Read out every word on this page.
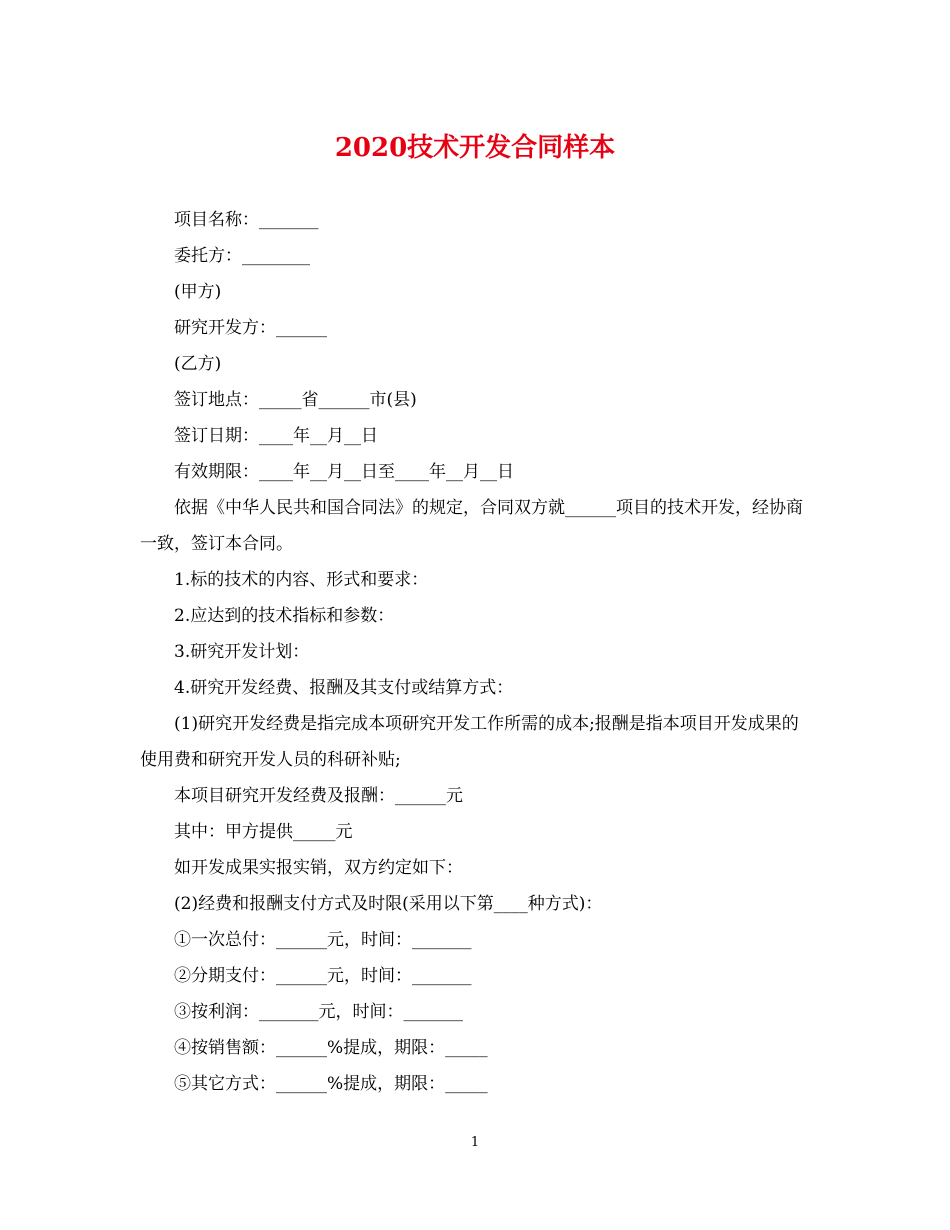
2020技术开发合同样本

项目名称：_______

委托方：________

(甲方)

研究开发方：______

(乙方)

签订地点：_____省______市(县)

签订日期：____年__月__日

有效期限：____年__月__日至____年__月__日

依据《中华人民共和国合同法》的规定，合同双方就______项目的技术开发，经协商一致，签订本合同。

1.标的技术的内容、形式和要求：

2.应达到的技术指标和参数：

3.研究开发计划：

4.研究开发经费、报酬及其支付或结算方式：

(1)研究开发经费是指完成本项研究开发工作所需的成本;报酬是指本项目开发成果的使用费和研究开发人员的科研补贴;

本项目研究开发经费及报酬：______元

其中：甲方提供_____元

如开发成果实报实销，双方约定如下：

(2)经费和报酬支付方式及时限(采用以下第____种方式)：

①一次总付：______元，时间：_______

②分期支付：______元，时间：_______

③按利润：_______元，时间：_______

④按销售额：______%提成，期限：_____

⑤其它方式：______%提成，期限：_____

1
